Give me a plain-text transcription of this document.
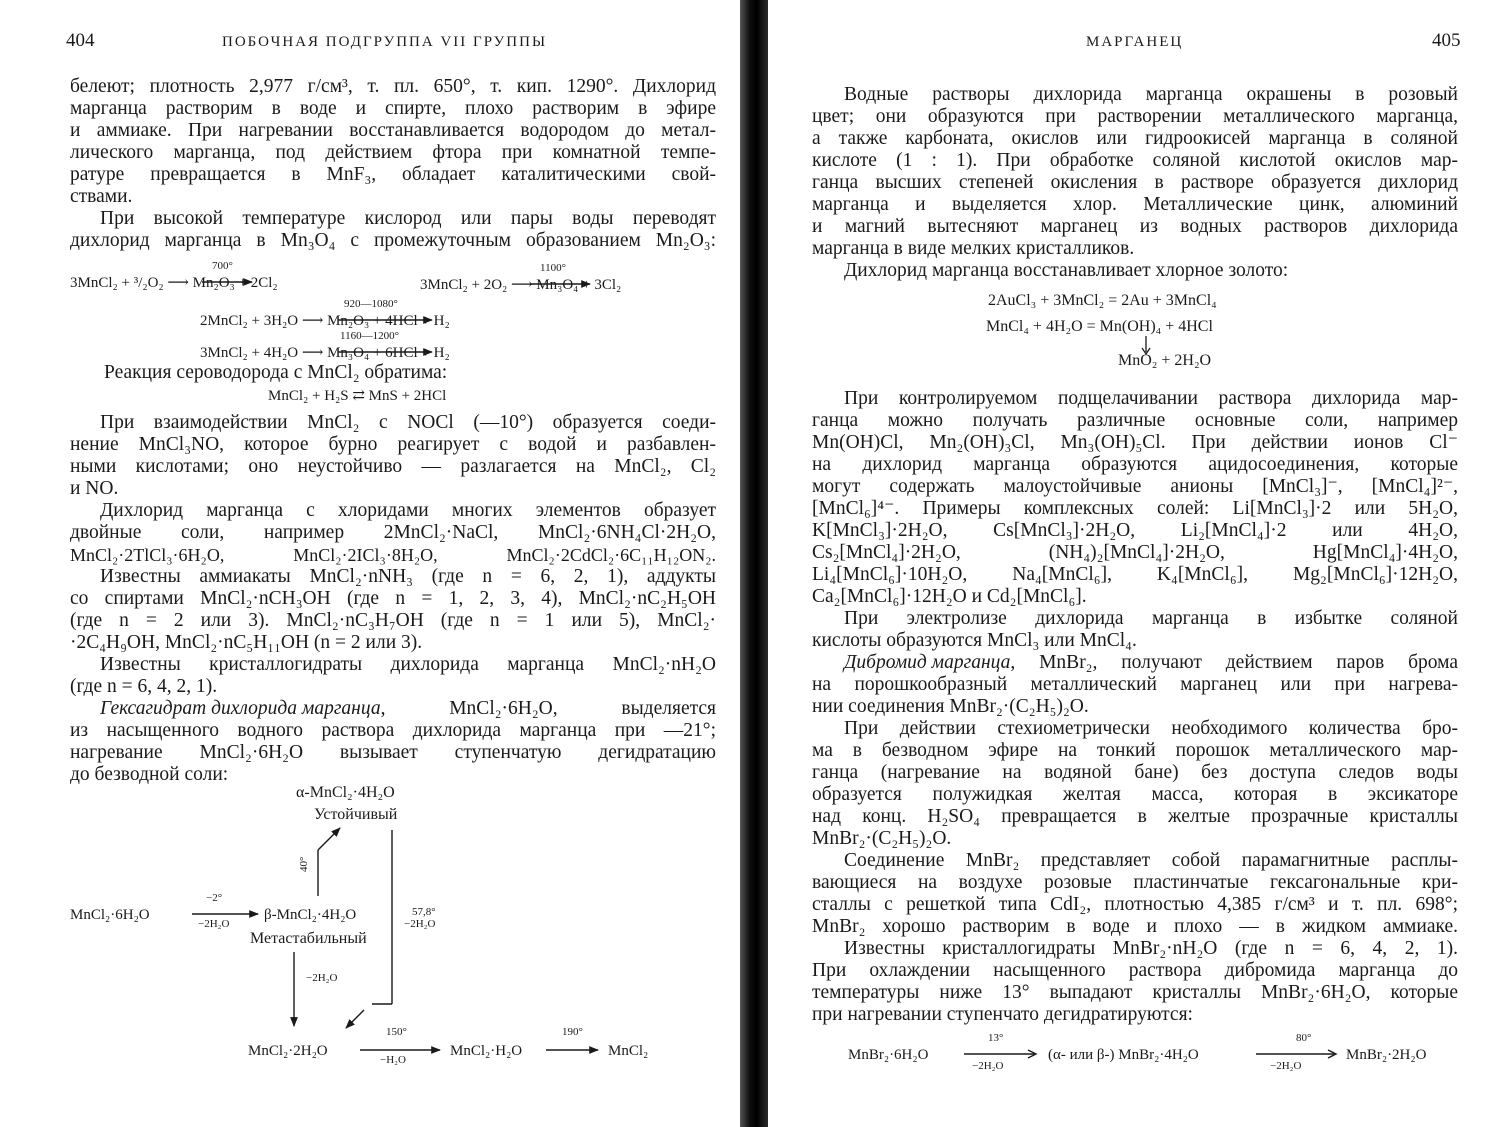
404	ПОБОЧНАЯ ПОДГРУППА VII ГРУППЫ
белеют; плотность 2,977 г/см³, т. пл. 650°, т. кип. 1290°. Дихлорид
марганца растворим в воде и спирте, плохо растворим в эфире
и аммиаке. При нагревании восстанавливается водородом до метал-
лического марганца, под действием фтора при комнатной темпе-
ратуре превращается в MnF₃, обладает каталитическими свой-
ствами.
При высокой температуре кислород или пары воды переводят
дихлорид марганца в Mn₃O₄ с промежуточным образованием Mn₂O₃:
700°
3MnCl₂ + ³/₂O₂ ⟶ Mn₂O₃ + 2Cl₂
1100°
3MnCl₂ + 2O₂ ⟶ Mn₃O₄ + 3Cl₂
920—1080°
2MnCl₂ + 3H₂O ⟶ Mn₂O₃ + 4HCl + H₂
1160—1200°
3MnCl₂ + 4H₂O ⟶ Mn₃O₄ + 6HCl + H₂
Реакция сероводорода с MnCl₂ обратима:
MnCl₂ + H₂S ⇄ MnS + 2HCl
При взаимодействии MnCl₂ с NOCl (—10°) образуется соеди-
нение MnCl₃NO, которое бурно реагирует с водой и разбавлен-
ными кислотами; оно неустойчиво — разлагается на MnCl₂, Cl₂
и NO.
Дихлорид марганца с хлоридами многих элементов образует
двойные соли, например 2MnCl₂·NaCl, MnCl₂·6NH₄Cl·2H₂O,
MnCl₂·2TlCl₃·6H₂O, MnCl₂·2ICl₃·8H₂O, MnCl₂·2CdCl₂·6C₁₁H₁₂ON₂.
Известны аммиакаты MnCl₂·nNH₃ (где n = 6, 2, 1), аддукты
со спиртами MnCl₂·nCH₃OH (где n = 1, 2, 3, 4), MnCl₂·nC₂H₅OH
(где n = 2 или 3). MnCl₂·nC₃H₇OH (где n = 1 или 5), MnCl₂·
·2C₄H₉OH, MnCl₂·nC₅H₁₁OH (n = 2 или 3).
Известны кристаллогидраты дихлорида марганца MnCl₂·nH₂O
(где n = 6, 4, 2, 1).
Гексагидрат дихлорида марганца , MnCl₂·6H₂O, выделяется
из насыщенного водного раствора дихлорида марганца при —21°;
нагревание MnCl₂·6H₂O вызывает ступенчатую дегидратацию
до безводной соли:
α-MnCl₂·4H₂O
Устойчивый
MnCl₂·6H₂O
−2°
−2H₂O
β-MnCl₂·4H₂O
Метастабильный
40°
57,8°
−2H₂O
−2H₂O
MnCl₂·2H₂O
150°
−H₂O
MnCl₂·H₂O
190°
MnCl₂
МАРГАНЕЦ	405
Водные растворы дихлорида марганца окрашены в розовый
цвет; они образуются при растворении металлического марганца,
а также карбоната, окислов или гидроокисей марганца в соляной
кислоте (1 : 1). При обработке соляной кислотой окислов мар-
ганца высших степеней окисления в растворе образуется дихлорид
марганца и выделяется хлор. Металлические цинк, алюминий
и магний вытесняют марганец из водных растворов дихлорида
марганца в виде мелких кристалликов.
Дихлорид марганца восстанавливает хлорное золото:
2AuCl₃ + 3MnCl₂ = 2Au + 3MnCl₄
MnCl₄ + 4H₂O = Mn(OH)₄ + 4HCl
MnO₂ + 2H₂O
При контролируемом подщелачивании раствора дихлорида мар-
ганца можно получать различные основные соли, например
Mn(OH)Cl, Mn₂(OH)₃Cl, Mn₃(OH)₅Cl. При действии ионов Cl⁻
на дихлорид марганца образуются ацидосоединения, которые
могут содержать малоустойчивые анионы [MnCl₃]⁻, [MnCl₄]²⁻,
[MnCl₆]⁴⁻. Примеры комплексных солей: Li[MnCl₃]·2 или 5H₂O,
K[MnCl₃]·2H₂O, Cs[MnCl₃]·2H₂O, Li₂[MnCl₄]·2 или 4H₂O,
Cs₂[MnCl₄]·2H₂O, (NH₄)₂[MnCl₄]·2H₂O, Hg[MnCl₄]·4H₂O,
Li₄[MnCl₆]·10H₂O, Na₄[MnCl₆], K₄[MnCl₆], Mg₂[MnCl₆]·12H₂O,
Ca₂[MnCl₆]·12H₂O и Cd₂[MnCl₆].
При электролизе дихлорида марганца в избытке соляной
кислоты образуются MnCl₃ или MnCl₄.
Дибромид марганца , MnBr₂, получают действием паров брома
на порошкообразный металлический марганец или при нагрева-
нии соединения MnBr₂·(C₂H₅)₂O.
При действии стехиометрически необходимого количества бро-
ма в безводном эфире на тонкий порошок металлического мар-
ганца (нагревание на водяной бане) без доступа следов воды
образуется полужидкая желтая масса, которая в эксикаторе
над конц. H₂SO₄ превращается в желтые прозрачные кристаллы
MnBr₂·(C₂H₅)₂O.
Соединение MnBr₂ представляет собой парамагнитные расплы-
вающиеся на воздухе розовые пластинчатые гексагональные кри-
сталлы с решеткой типа CdI₂, плотностью 4,385 г/см³ и т. пл. 698°;
MnBr₂ хорошо растворим в воде и плохо — в жидком аммиаке.
Известны кристаллогидраты MnBr₂·nH₂O (где n = 6, 4, 2, 1).
При охлаждении насыщенного раствора дибромида марганца до
температуры ниже 13° выпадают кристаллы MnBr₂·6H₂O, которые
при нагревании ступенчато дегидратируются:
MnBr₂·6H₂O
13°
−2H₂O
(α- или β-) MnBr₂·4H₂O
80°
−2H₂O
MnBr₂·2H₂O
